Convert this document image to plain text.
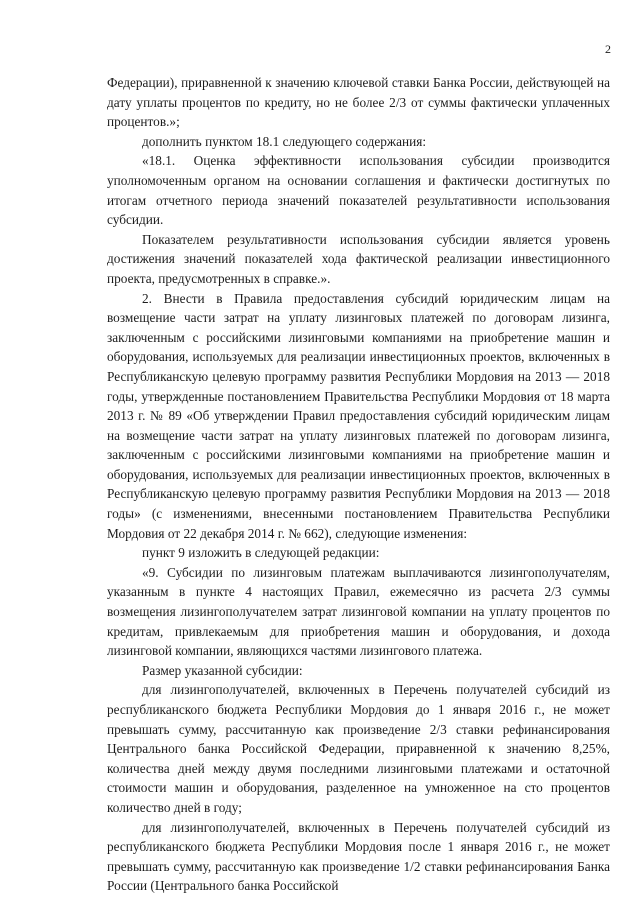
2

Федерации), приравненной к значению ключевой ставки Банка России, действующей на дату уплаты процентов по кредиту, но не более 2/3 от суммы фактически уплаченных процентов.»;

дополнить пунктом 18.1 следующего содержания:

«18.1. Оценка эффективности использования субсидии производится уполномоченным органом на основании соглашения и фактически достигнутых по итогам отчетного периода значений показателей результативности использования субсидии.

Показателем результативности использования субсидии является уровень достижения значений показателей хода фактической реализации инвестиционного проекта, предусмотренных в справке.».

2. Внести в Правила предоставления субсидий юридическим лицам на возмещение части затрат на уплату лизинговых платежей по договорам лизинга, заключенным с российскими лизинговыми компаниями на приобретение машин и оборудования, используемых для реализации инвестиционных проектов, включенных в Республиканскую целевую программу развития Республики Мордовия на 2013 — 2018 годы, утвержденные постановлением Правительства Республики Мордовия от 18 марта 2013 г. № 89 «Об утверждении Правил предоставления субсидий юридическим лицам на возмещение части затрат на уплату лизинговых платежей по договорам лизинга, заключенным с российскими лизинговыми компаниями на приобретение машин и оборудования, используемых для реализации инвестиционных проектов, включенных в Республиканскую целевую программу развития Республики Мордовия на 2013 — 2018 годы» (с изменениями, внесенными постановлением Правительства Республики Мордовия от 22 декабря 2014 г. № 662), следующие изменения:

пункт 9 изложить в следующей редакции:

«9. Субсидии по лизинговым платежам выплачиваются лизингополучателям, указанным в пункте 4 настоящих Правил, ежемесячно из расчета 2/3 суммы возмещения лизингополучателем затрат лизинговой компании на уплату процентов по кредитам, привлекаемым для приобретения машин и оборудования, и дохода лизинговой компании, являющихся частями лизингового платежа.

Размер указанной субсидии:

для лизингополучателей, включенных в Перечень получателей субсидий из республиканского бюджета Республики Мордовия до 1 января 2016 г., не может превышать сумму, рассчитанную как произведение 2/3 ставки рефинансирования Центрального банка Российской Федерации, приравненной к значению 8,25%, количества дней между двумя последними лизинговыми платежами и остаточной стоимости машин и оборудования, разделенное на умноженное на сто процентов количество дней в году;

для лизингополучателей, включенных в Перечень получателей субсидий из республиканского бюджета Республики Мордовия после 1 января 2016 г., не может превышать сумму, рассчитанную как произведение 1/2 ставки рефинансирования Банка России (Центрального банка Российской
